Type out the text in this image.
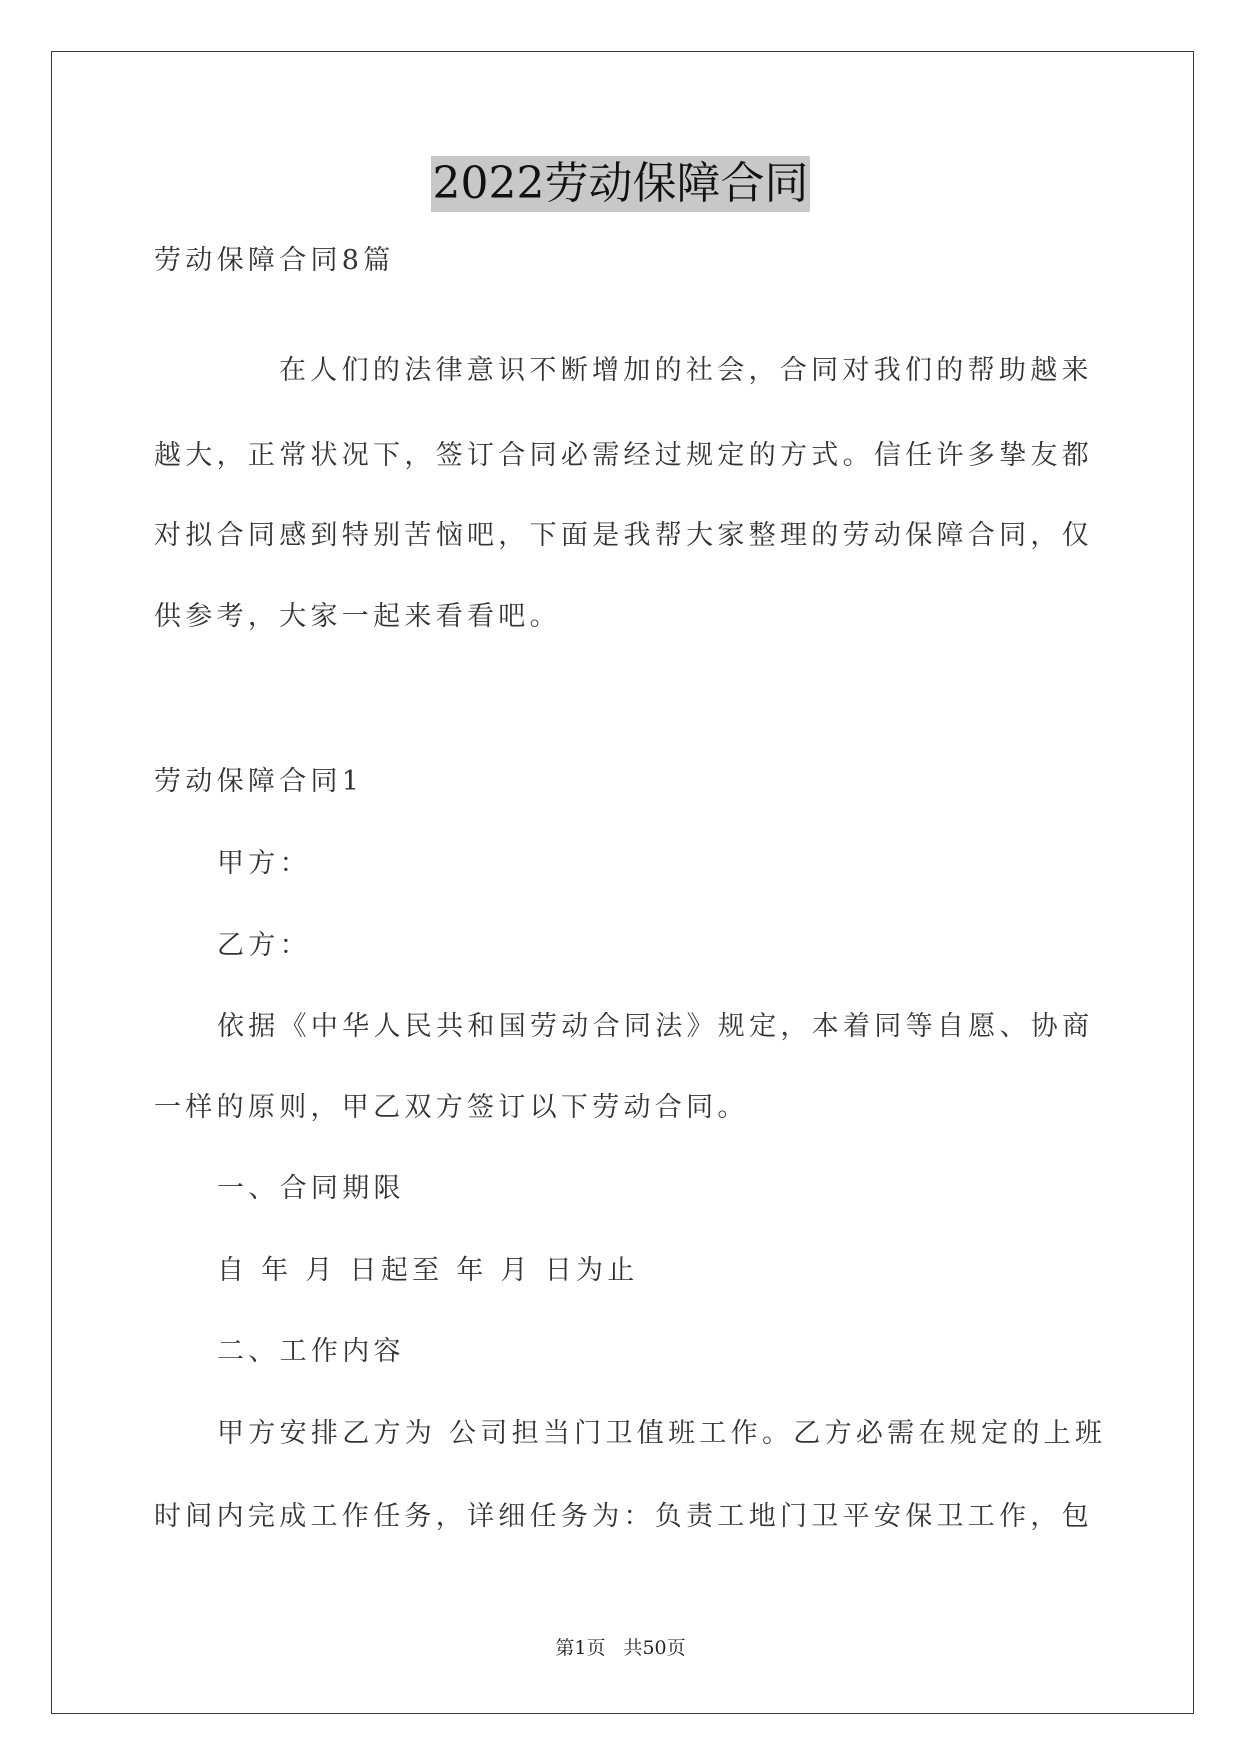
2022劳动保障合同
劳动保障合同8篇
在人们的法律意识不断增加的社会，合同对我们的帮助越来
越大，正常状况下，签订合同必需经过规定的方式。信任许多挚友都
对拟合同感到特别苦恼吧，下面是我帮大家整理的劳动保障合同，仅
供参考，大家一起来看看吧。
劳动保障合同1
甲方：
乙方：
依据《中华人民共和国劳动合同法》规定，本着同等自愿、协商
一样的原则，甲乙双方签订以下劳动合同。
一、合同期限
自 年 月 日起至 年 月 日为止
二、工作内容
甲方安排乙方为 公司担当门卫值班工作。乙方必需在规定的上班
时间内完成工作任务，详细任务为：负责工地门卫平安保卫工作，包
第1页 共50页
